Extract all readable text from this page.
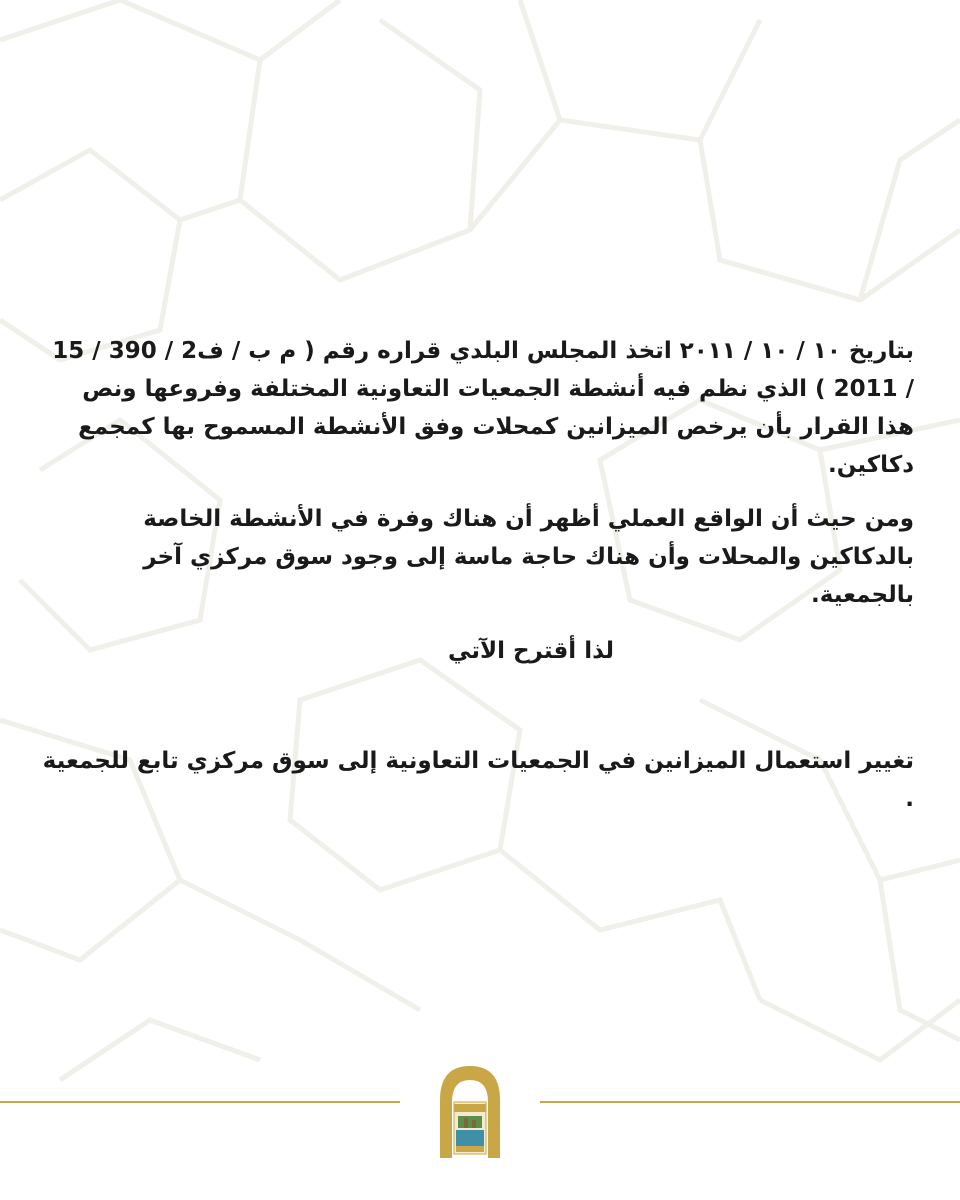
بتاريخ ١٠ / ١٠ / ٢٠١١ اتخذ المجلس البلدي قراره رقم ( م ب / ف2 / 390 / 15 / 2011 ) الذي نظم فيه أنشطة الجمعيات التعاونية المختلفة وفروعها ونص هذا القرار بأن يرخص الميزانين كمحلات وفق الأنشطة المسموح بها كمجمع دكاكين.

ومن حيث أن الواقع العملي أظهر أن هناك وفرة في الأنشطة الخاصة بالدكاكين والمحلات وأن هناك حاجة ماسة إلى وجود سوق مركزي آخر بالجمعية.

لذا أقترح الآتي

تغيير استعمال الميزانين في الجمعيات التعاونية إلى سوق مركزي تابع للجمعية .
